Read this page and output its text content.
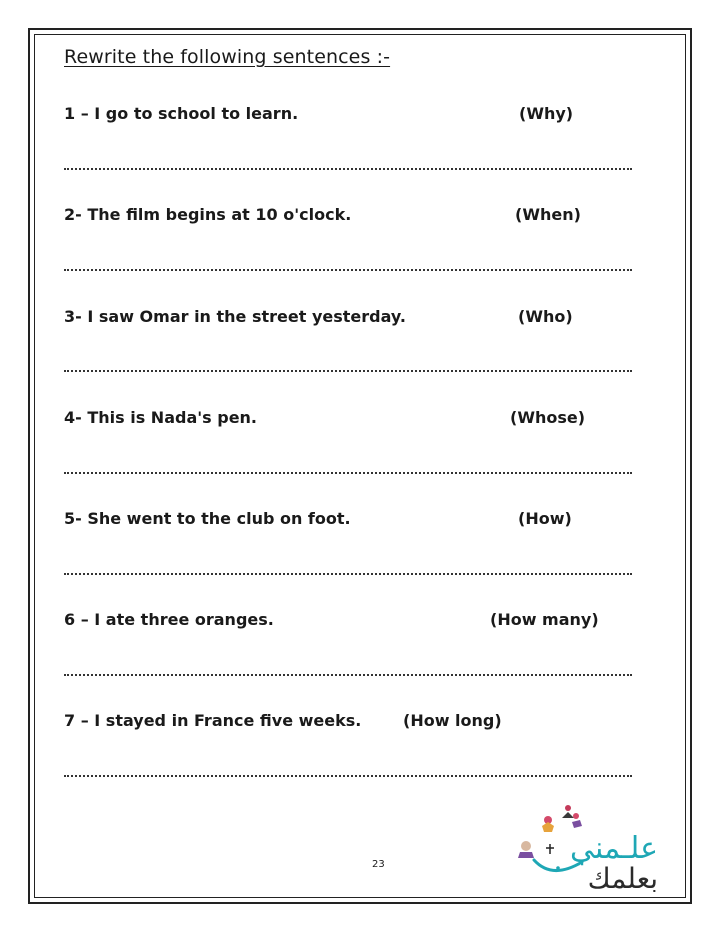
Rewrite the following sentences :-
1 – I go to school to learn.	(Why)
2- The film begins at 10 o'clock.	(When)
3- I saw Omar in the street yesterday.	(Who)
4- This is Nada's pen.	(Whose)
5- She went to the club on foot.	(How)
6 – I ate three oranges.	(How many)
7 – I stayed in France five weeks.	(How long)
23	علـمني
بعلمك
